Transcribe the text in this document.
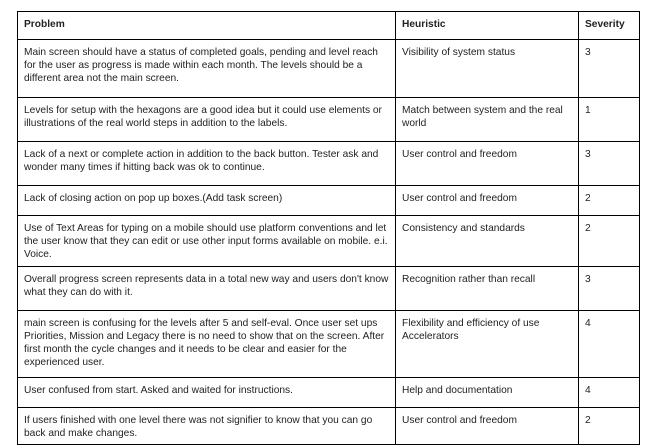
Problem	Heuristic	Severity
Main screen should have a status of completed goals, pending and level reach for the user as progress is made within each month. The levels should be a different area not the main screen.	Visibility of system status	3
Levels for setup with the hexagons are a good idea but it could use elements or illustrations of the real world steps in addition to the labels.	Match between system and the real world	1
Lack of a next or complete action in addition to the back button. Tester ask and wonder many times if hitting back was ok to continue.	User control and freedom	3
Lack of closing action on pop up boxes.(Add task screen)	User control and freedom	2
Use of Text Areas for typing on a mobile should use platform conventions and let the user know that they can edit or use other input forms available on mobile. e.i. Voice.	Consistency and standards	2
Overall progress screen represents data in a total new way and users don't know what they can do with it.	Recognition rather than recall	3
main screen is confusing for the levels after 5 and self-eval. Once user set ups Priorities, Mission and Legacy there is no need to show that on the screen. After first month the cycle changes and it needs to be clear and easier for the experienced user.	Flexibility and efficiency of use Accelerators	4
User confused from start. Asked and waited for instructions.	Help and documentation	4
If users finished with one level there was not signifier to know that you can go back and make changes.	User control and freedom	2
